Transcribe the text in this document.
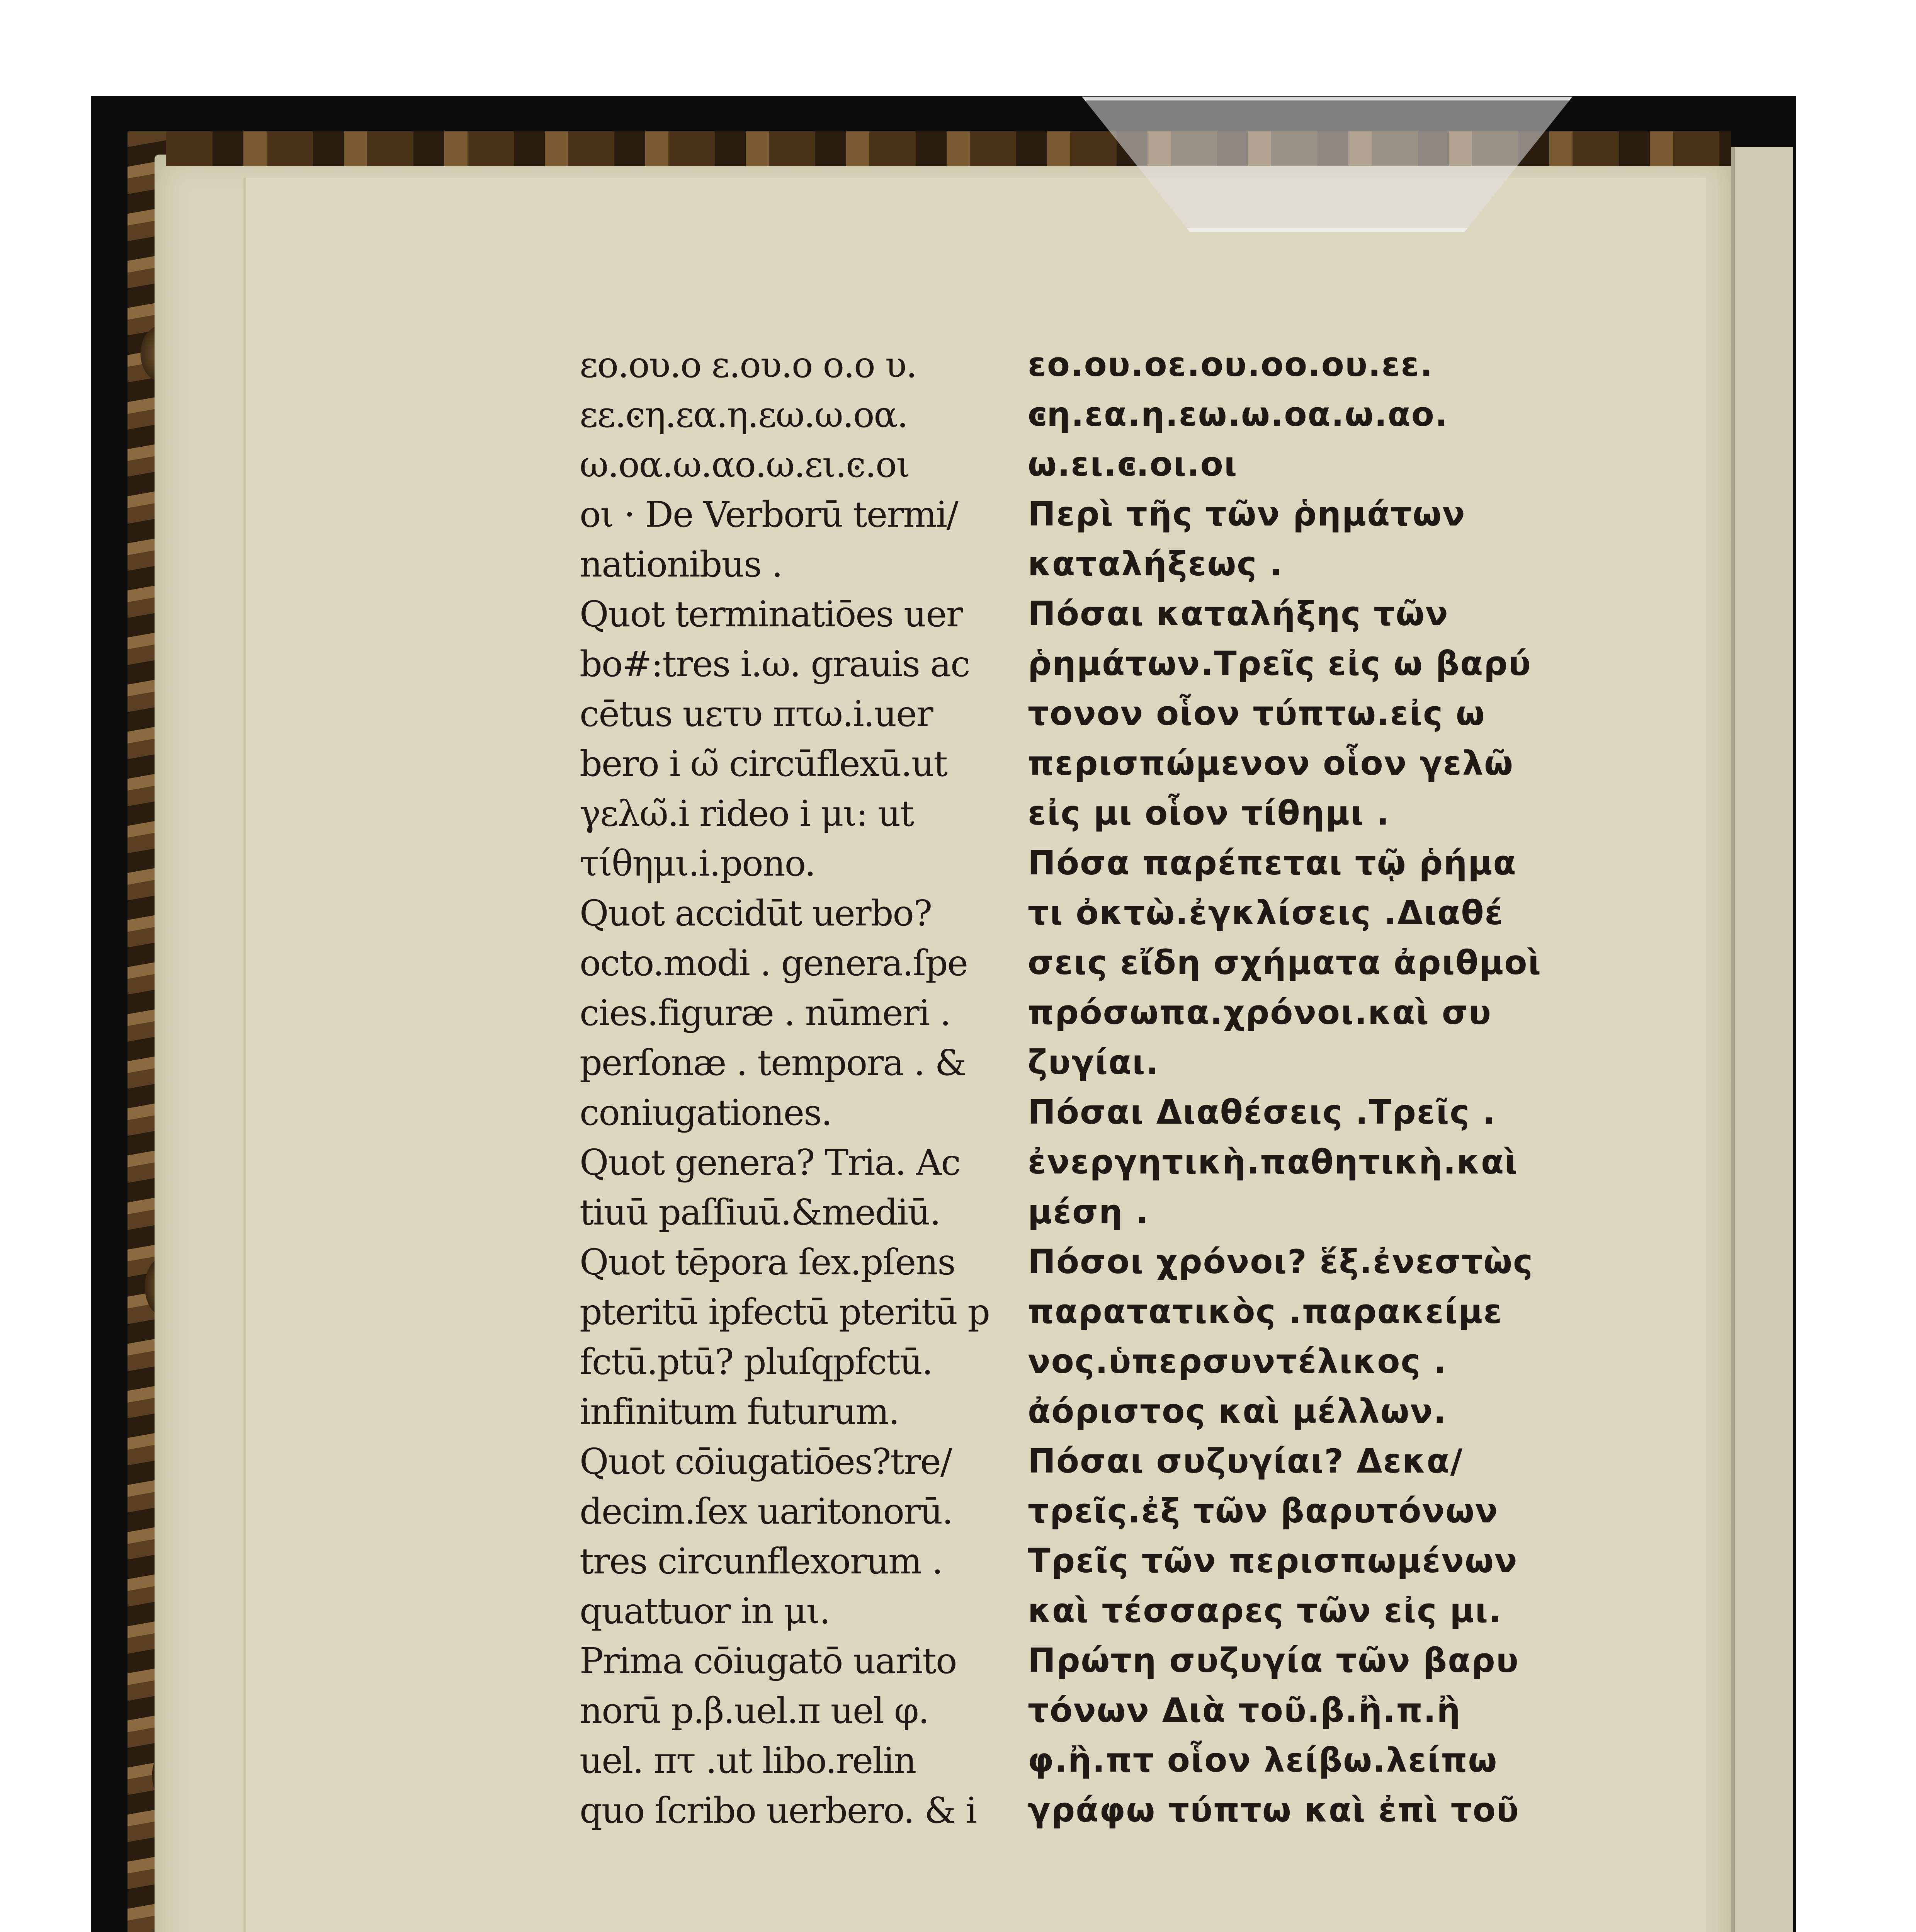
εο.ου.ο ε.ου.ο ο.ο υ.
εε.ͼη.εα.η.εω.ω.οα.
ω.οα.ω.αο.ω.ει.ͼ.οι
οι · De Verborū termi/
nationibus .
Quot terminatiōes uer
bo#:tres i.ω. grauis ac
cētus uετυ πτω.i.uer
bero i ω̃ circūflexū.ut
γελω̃.i rideo i μι: ut
τίθημι.i.pono.
Quot accidūt uerbo?
octo.modi . genera.ſpe
cies.figuræ . nūmeri .
perſonæ . tempora . &
coniugationes.
Quot genera? Tria. Ac
tiuū paſſiuū.&mediū.
Quot tēpora ſex.pſens
pteritū ipfectū pteritū p
fctū.ptū? pluſqpfctū.
infinitum futurum.
Quot cōiugatiōes?tre/
decim.ſex uaritonorū.
tres circunflexorum .
quattuor in μι.
Prima cōiugatō uarito
norū p.β.uel.π uel φ.
uel. πτ .ut libo.relin
quo ſcribo uerbero. & i
εο.ου.οε.ου.οο.ου.εε.
ͼη.εα.η.εω.ω.οα.ω.αο.
ω.ει.ͼ.οι.οι
Περὶ τῆς τῶν ῥημάτων
καταλήξεως .
Πόσαι καταλήξης τῶν
ῥημάτων.Τρεῖς εἰς ω βαρύ
τονον οἷον τύπτω.εἰς ω
περισπώμενον οἷον γελῶ
εἰς μι οἷον τίθημι .
Πόσα παρέπεται τῷ ῥήμα
τι ὀκτὼ.ἐγκλίσεις .Διαθέ
σεις εἴδη σχήματα ἀριθμοὶ
πρόσωπα.χρόνοι.καὶ συ
ζυγίαι.
Πόσαι Διαθέσεις .Τρεῖς .
ἐνεργητικὴ.παθητικὴ.καὶ
μέση .
Πόσοι χρόνοι? ἕξ.ἐνεστὼς
παρατατικὸς .παρακείμε
νος.ὑπερσυντέλικος .
ἀόριστος καὶ μέλλων.
Πόσαι συζυγίαι? Δεκα/
τρεῖς.ἐξ τῶν βαρυτόνων
Τρεῖς τῶν περισπωμένων
καὶ τέσσαρες τῶν εἰς μι.
Πρώτη συζυγία τῶν βαρυ
τόνων Διὰ τοῦ.β.ἢ.π.ἢ
φ.ἢ.πτ οἷον λείβω.λείπω
γράφω τύπτω καὶ ἐπὶ τοῦ
